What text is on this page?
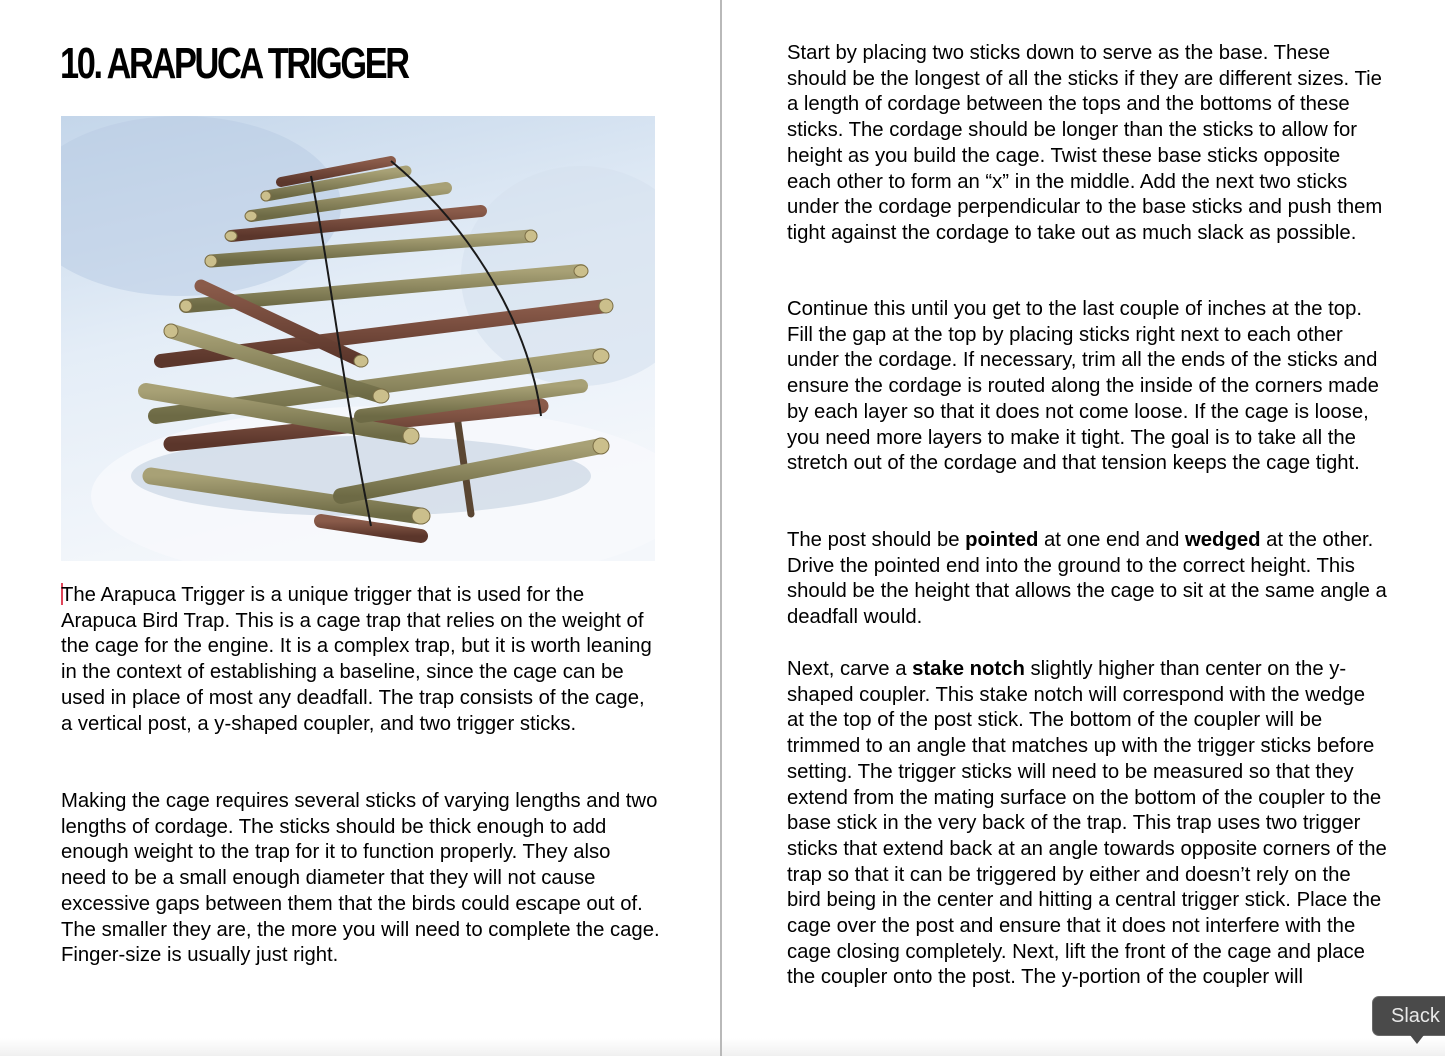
10. ARAPUCA TRIGGER

The Arapuca Trigger is a unique trigger that is used for the Arapuca Bird Trap. This is a cage trap that relies on the weight of the cage for the engine. It is a complex trap, but it is worth leaning in the context of establishing a baseline, since the cage can be used in place of most any deadfall. The trap consists of the cage, a vertical post, a y-shaped coupler, and two trigger sticks.

Making the cage requires several sticks of varying lengths and two lengths of cordage. The sticks should be thick enough to add enough weight to the trap for it to function properly. They also need to be a small enough diameter that they will not cause excessive gaps between them that the birds could escape out of. The smaller they are, the more you will need to complete the cage. Finger-size is usually just right.

Start by placing two sticks down to serve as the base. These should be the longest of all the sticks if they are different sizes. Tie a length of cordage between the tops and the bottoms of these sticks. The cordage should be longer than the sticks to allow for height as you build the cage. Twist these base sticks opposite each other to form an “x” in the middle. Add the next two sticks under the cordage perpendicular to the base sticks and push them tight against the cordage to take out as much slack as possible.

Continue this until you get to the last couple of inches at the top. Fill the gap at the top by placing sticks right next to each other under the cordage. If necessary, trim all the ends of the sticks and ensure the cordage is routed along the inside of the corners made by each layer so that it does not come loose. If the cage is loose, you need more layers to make it tight. The goal is to take all the stretch out of the cordage and that tension keeps the cage tight.

The post should be pointed at one end and wedged at the other. Drive the pointed end into the ground to the correct height. This should be the height that allows the cage to sit at the same angle a deadfall would.

Next, carve a stake notch slightly higher than center on the y-shaped coupler. This stake notch will correspond with the wedge at the top of the post stick. The bottom of the coupler will be trimmed to an angle that matches up with the trigger sticks before setting. The trigger sticks will need to be measured so that they extend from the mating surface on the bottom of the coupler to the base stick in the very back of the trap. This trap uses two trigger sticks that extend back at an angle towards opposite corners of the trap so that it can be triggered by either and doesn’t rely on the bird being in the center and hitting a central trigger stick. Place the cage over the post and ensure that it does not interfere with the cage closing completely. Next, lift the front of the cage and place the coupler onto the post. The y-portion of the coupler will

Slack
